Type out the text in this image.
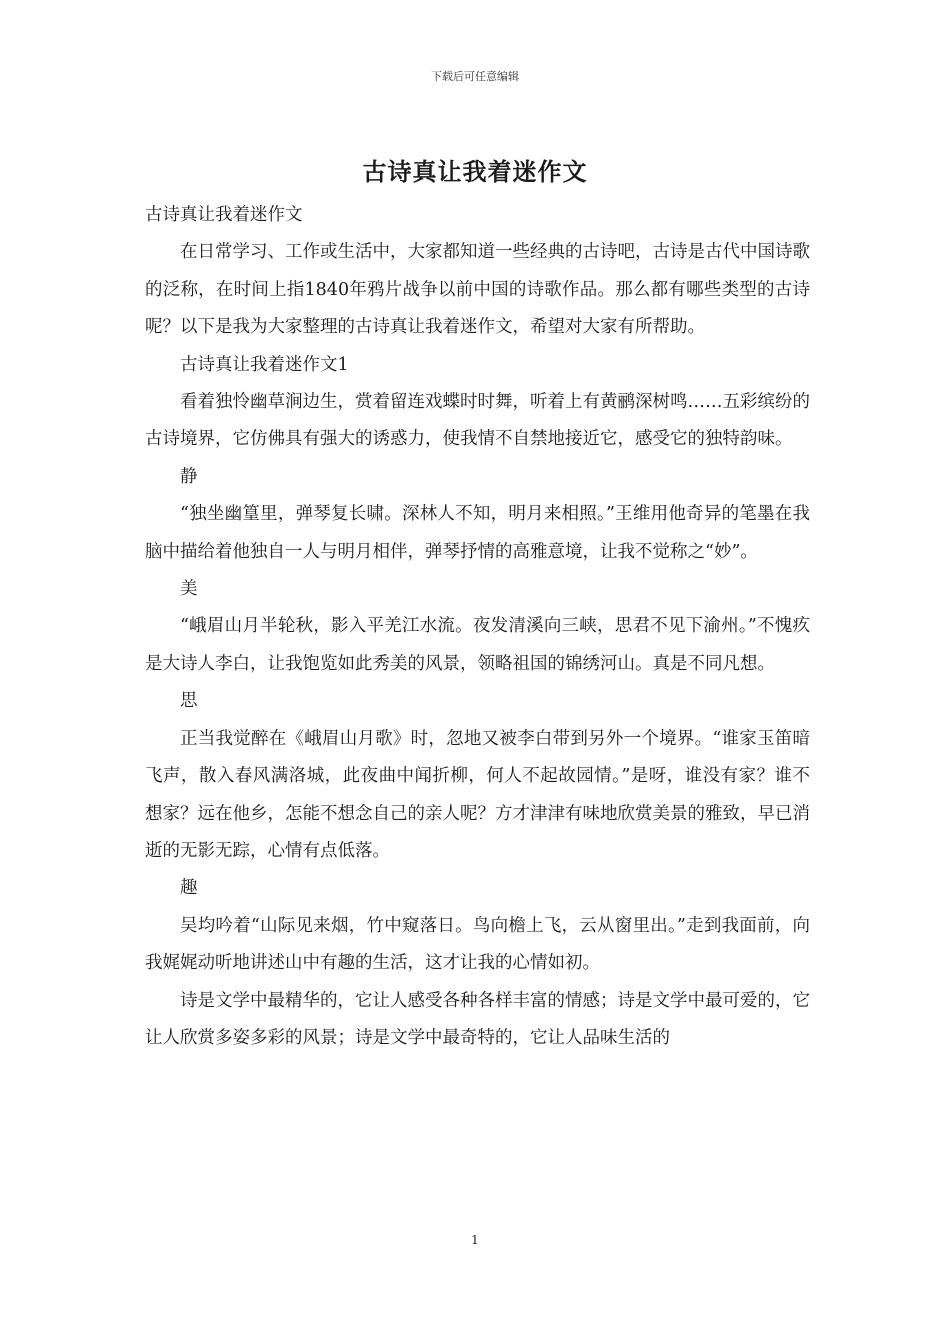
下载后可任意编辑
古诗真让我着迷作文

古诗真让我着迷作文

在日常学习、工作或生活中，大家都知道一些经典的古诗吧，古诗是古代中国诗歌的泛称，在时间上指1840年鸦片战争以前中国的诗歌作品。那么都有哪些类型的古诗呢？以下是我为大家整理的古诗真让我着迷作文，希望对大家有所帮助。

古诗真让我着迷作文1

看着独怜幽草涧边生，赏着留连戏蝶时时舞，听着上有黄鹂深树鸣……五彩缤纷的古诗境界，它仿佛具有强大的诱惑力，使我情不自禁地接近它，感受它的独特韵味。

静

“独坐幽篁里，弹琴复长啸。深林人不知，明月来相照。”王维用他奇异的笔墨在我脑中描给着他独自一人与明月相伴，弹琴抒情的高雅意境，让我不觉称之“妙”。

美

“峨眉山月半轮秋，影入平羌江水流。夜发清溪向三峡，思君不见下渝州。”不愧疚是大诗人李白，让我饱览如此秀美的风景，领略祖国的锦绣河山。真是不同凡想。

思

正当我觉醉在《峨眉山月歌》时，忽地又被李白带到另外一个境界。“谁家玉笛暗飞声，散入春风满洛城，此夜曲中闻折柳，何人不起故园情。”是呀，谁没有家？谁不想家？远在他乡，怎能不想念自己的亲人呢？方才津津有味地欣赏美景的雅致，早已消逝的无影无踪，心情有点低落。

趣

吴均吟着“山际见来烟，竹中窥落日。鸟向檐上飞，云从窗里出。”走到我面前，向我娓娓动听地讲述山中有趣的生活，这才让我的心情如初。

诗是文学中最精华的，它让人感受各种各样丰富的情感；诗是文学中最可爱的，它让人欣赏多姿多彩的风景；诗是文学中最奇特的，它让人品味生活的

1
